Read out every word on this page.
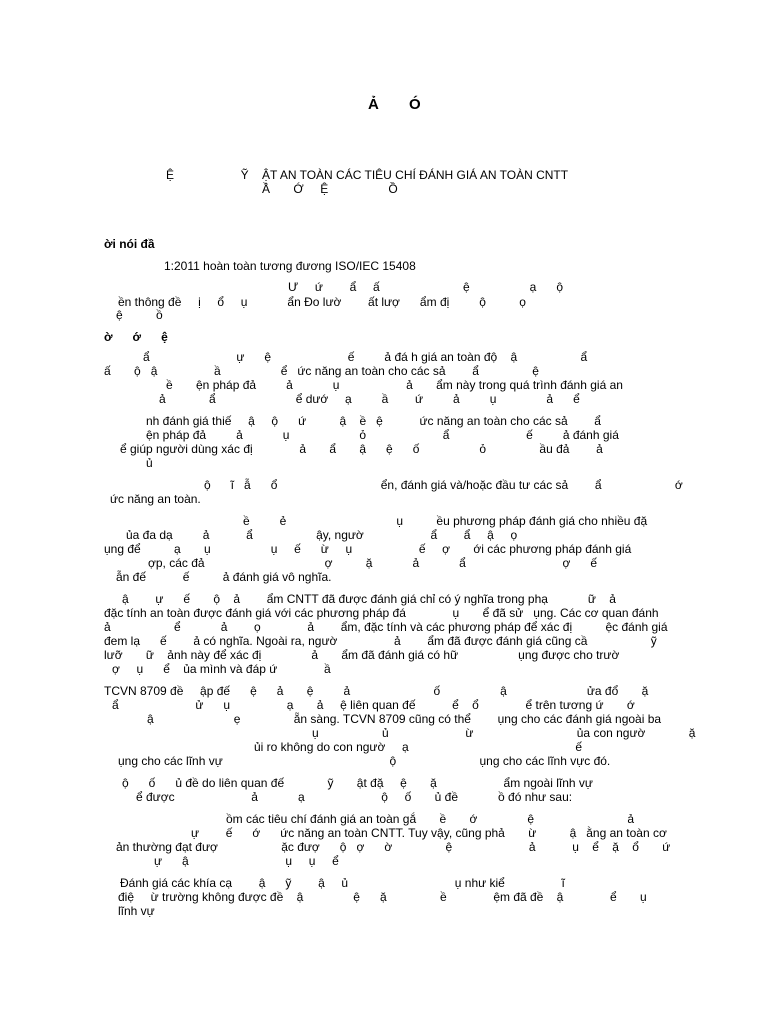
Ả Ó
Ệ                    Ỹ    ẬT AN TOÀN CÁC TIÊU CHÍ ĐÁNH GIÁ AN TOÀN CNTT
Ầ       Ớ     Ệ                  Ồ
ời nói đầ
1:2011 hoàn toàn tương đương ISO/IEC 15408
Ư     ứ        ẩ     ấ                         ệ                  ạ      ộ
ền thông đề     ị     ổ     ụ            ẩn Đo lườ        ất lượ      ẩm đị         ộ          ọ
ệ          ồ
ờ      ớ      ệ
ẩ                          ự      ệ                       ế         ả đá h giá an toàn độ    ậ                   ẩ
ấ       ộ   ậ                 ầ                  ể   ức năng an toàn cho các sả        ẩ                ệ
ề       ện pháp đả         ả            ụ                    ả       ẩm này trong quá trình đánh giá an
ả             ẩ                        ể dướ     ạ         ầ        ứ         ả         ụ               ả      ể
nh đánh giá thiế     ậ     ộ      ứ          ậ    ề   ệ           ức năng an toàn cho các sả        ẩ
ện pháp đả         ả            ụ                     ỏ                       ẩ                       ế         ả đánh giá
ể giúp người dùng xác đị              ả       ẩ       ậ      ệ      ố                  ỏ                ầu đả        ả
ủ
ộ      ĩ   ẫ      ổ                               ển, đánh giá và/hoặc đầu tư các sả        ẩ                      ớ
ức năng an toàn.
ề         ẻ                                 ụ          ều phương pháp đánh giá cho nhiều đặ
ủa đa dạ         ả           ẩ                   ậy, ngườ                    ẩ        ẩ     ậ     ọ
ụng để          ạ       ụ                  ụ     ế      ừ     ụ                    ế     ợ       ới các phương pháp đánh giá
ợp, các đả                                    ợ          ặ            ả            ẩ                             ợ      ế
ẫn đế           ế          ả đánh giá vô nghĩa.
ậ        ự      ế       ộ    ả        ẩm CNTT đã được đánh giá chỉ có ý nghĩa trong phạ            ữ    ả
đặc tính an toàn được đánh giá với các phương pháp đá              ụ       ể đã sử   ụng. Các cơ quan đánh
ả                   ể            ả        ọ              ả        ẩm, đặc tính và các phương pháp để xác đị          ệc đánh giá
đem lạ      ế        ả có nghĩa. Ngoài ra, ngườ                 ả        ẩm đã được đánh giá cũng cầ                   ỹ
lưỡ       ữ    ảnh này để xác đị               ả       ẩm đã đánh giá có hữ                  ụng được cho trườ
ợ     ụ      ể    ủa mình và đáp ứ              ầ
TCVN 8709 đề     ập đế      ệ      ả       ệ         ả                         ố                  ậ                        ửa đổ       ặ
ẩ                       ử      ụ                 ạ       ả     ệ liên quan đế           ể    ổ              ể trên tương ứ       ớ
ậ                        ẹ                ẵn sàng. TCVN 8709 cũng có thể        ụng cho các đánh giá ngoài ba
ụ                   ủ                       ừ                               ủa con ngườ             ặ
ủi ro không do con ngườ     ạ                                                  ế
ụng cho các lĩnh vự                                                  ộ                         ụng cho các lĩnh vực đó.
ộ      ố      ủ đề do liên quan đế             ỹ       ật đặ     ệ       ặ                    ẩm ngoài lĩnh vự
ể được                       ả            ạ                       ộ     ố       ủ đề            ồ đó như sau:
ồm các tiêu chí đánh giá an toàn gắ       ề       ớ               ệ                            ả
ự        ế      ớ      ức năng an toàn CNTT. Tuy vậy, cũng phả       ừ          ậ   ằng an toàn cơ
ản thường đạt đượ                   ặc đượ      ộ   ợ      ờ                ệ                       ả           ụ    ể    ặ    ổ       ứ
ự      ậ                             ụ     ụ     ể
Đánh giá các khía cạ        ậ      ỹ        ậ     ủ                                ụ như kiể                 ĩ
điệ     ừ trường không được đề    ậ               ệ      ặ                ề              ệm đã đề    ậ              ể       ụ
lĩnh vự
